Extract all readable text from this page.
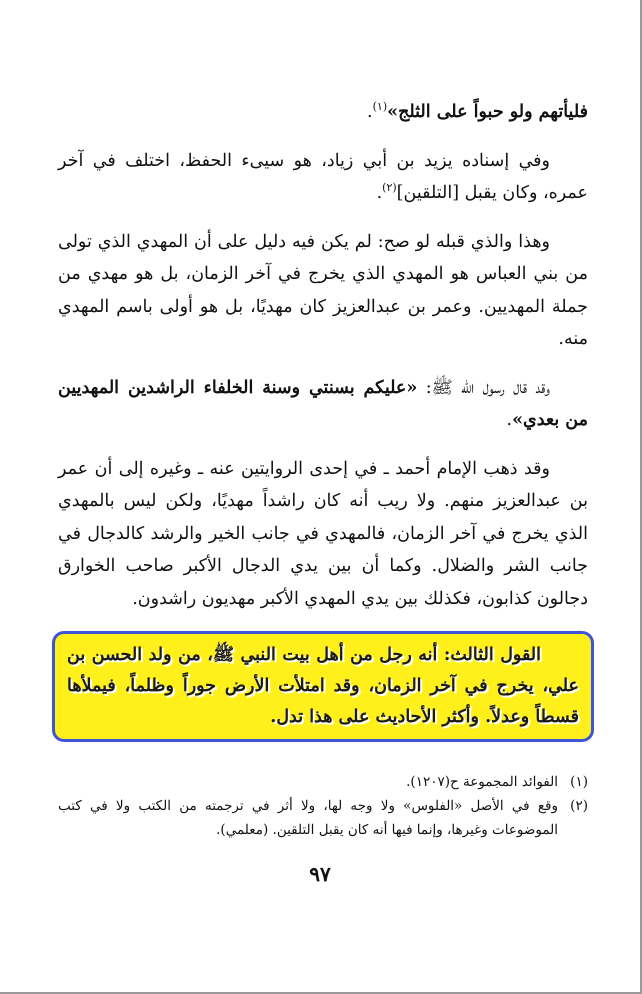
فليأتهم ولو حبواً على الثلج»$^{(١)}$.

وفي إسناده يزيد بن أبي زياد، هو سيىء الحفظ، اختلف في آخر عمره، وكان يقبل [التلقين]$^{(٢)}$.

وهذا والذي قبله لو صح: لم يكن فيه دليل على أن المهدي الذي تولى من بني العباس هو المهدي الذي يخرج في آخر الزمان، بل هو مهدي من جملة المهديين. وعمر بن عبدالعزيز كان مهديًا، بل هو أولى باسم المهدي منه.

وقد قال رسول الله ﷺ: «عليكم بسنتي وسنة الخلفاء الراشدين المهديين من بعدي».

وقد ذهب الإمام أحمد ـ في إحدى الروايتين عنه ـ وغيره إلى أن عمر بن عبدالعزيز منهم. ولا ريب أنه كان راشداً مهديًا، ولكن ليس بالمهدي الذي يخرج في آخر الزمان، فالمهدي في جانب الخير والرشد كالدجال في جانب الشر والضلال. وكما أن بين يدي الدجال الأكبر صاحب الخوارق دجالون كذابون، فكذلك بين يدي المهدي الأكبر مهديون راشدون.

القول الثالث: أنه رجل من أهل بيت النبي ﷺ، من ولد الحسن بن علي، يخرج في آخر الزمان، وقد امتلأت الأرض جوراً وظلماً، فيملأها قسطاً وعدلاً. وأكثر الأحاديث على هذا تدل.
(١)
الفوائد المجموعة ح(١٢٠٧).
(٢)
وقع في الأصل «الفلوس» ولا وجه لها، ولا أثر في ترجمته من الكتب ولا في كتب الموضوعات وغيرها، وإنما فيها أنه كان يقبل التلقين. (معلمي).
٩٧
